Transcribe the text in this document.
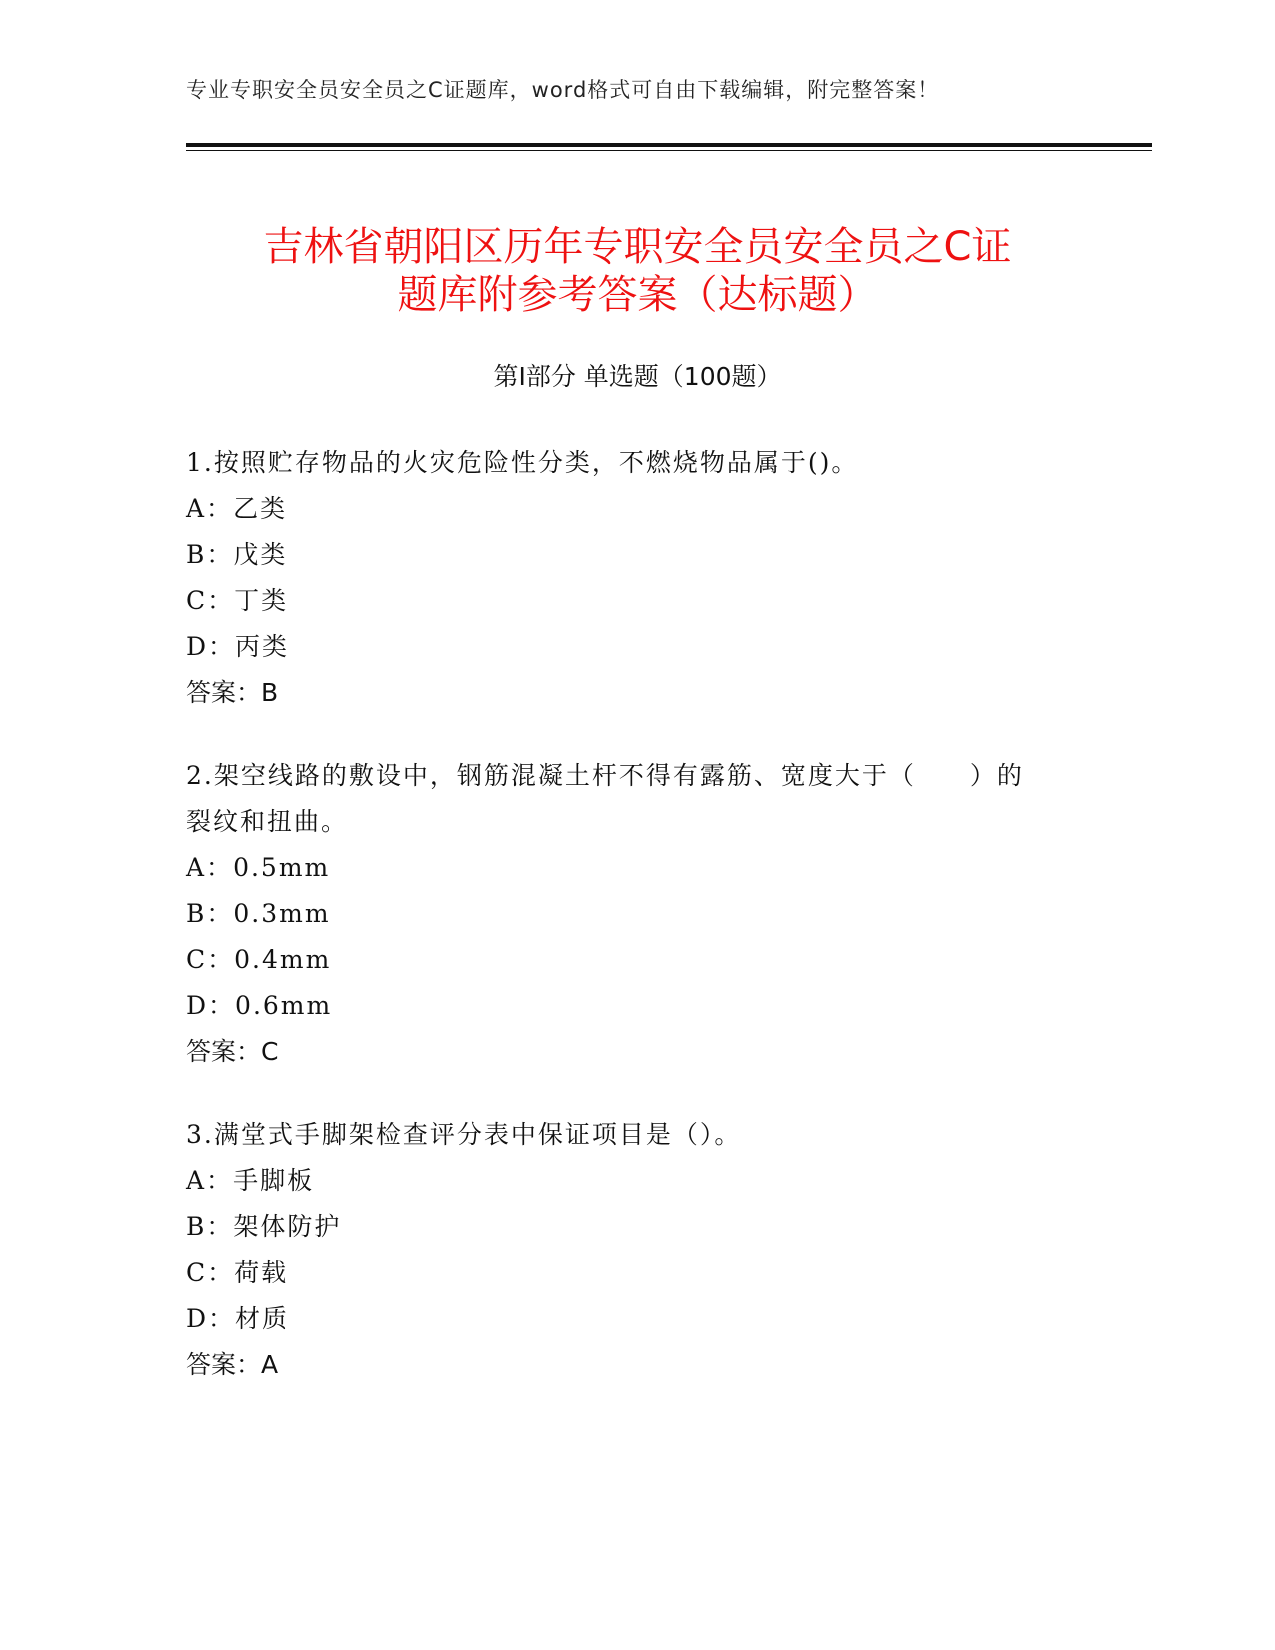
专业专职安全员安全员之C证题库，word格式可自由下载编辑，附完整答案！
吉林省朝阳区历年专职安全员安全员之C证
题库附参考答案（达标题）
第Ⅰ部分 单选题（100题）
1.按照贮存物品的火灾危险性分类，不燃烧物品属于()。
A：乙类
B：戊类
C：丁类
D：丙类
答案：B
2.架空线路的敷设中，钢筋混凝土杆不得有露筋、宽度大于（　　）的
裂纹和扭曲。
A：0.5mm
B：0.3mm
C：0.4mm
D：0.6mm
答案：C
3.满堂式手脚架检查评分表中保证项目是（）。
A：手脚板
B：架体防护
C：荷载
D：材质
答案：A
